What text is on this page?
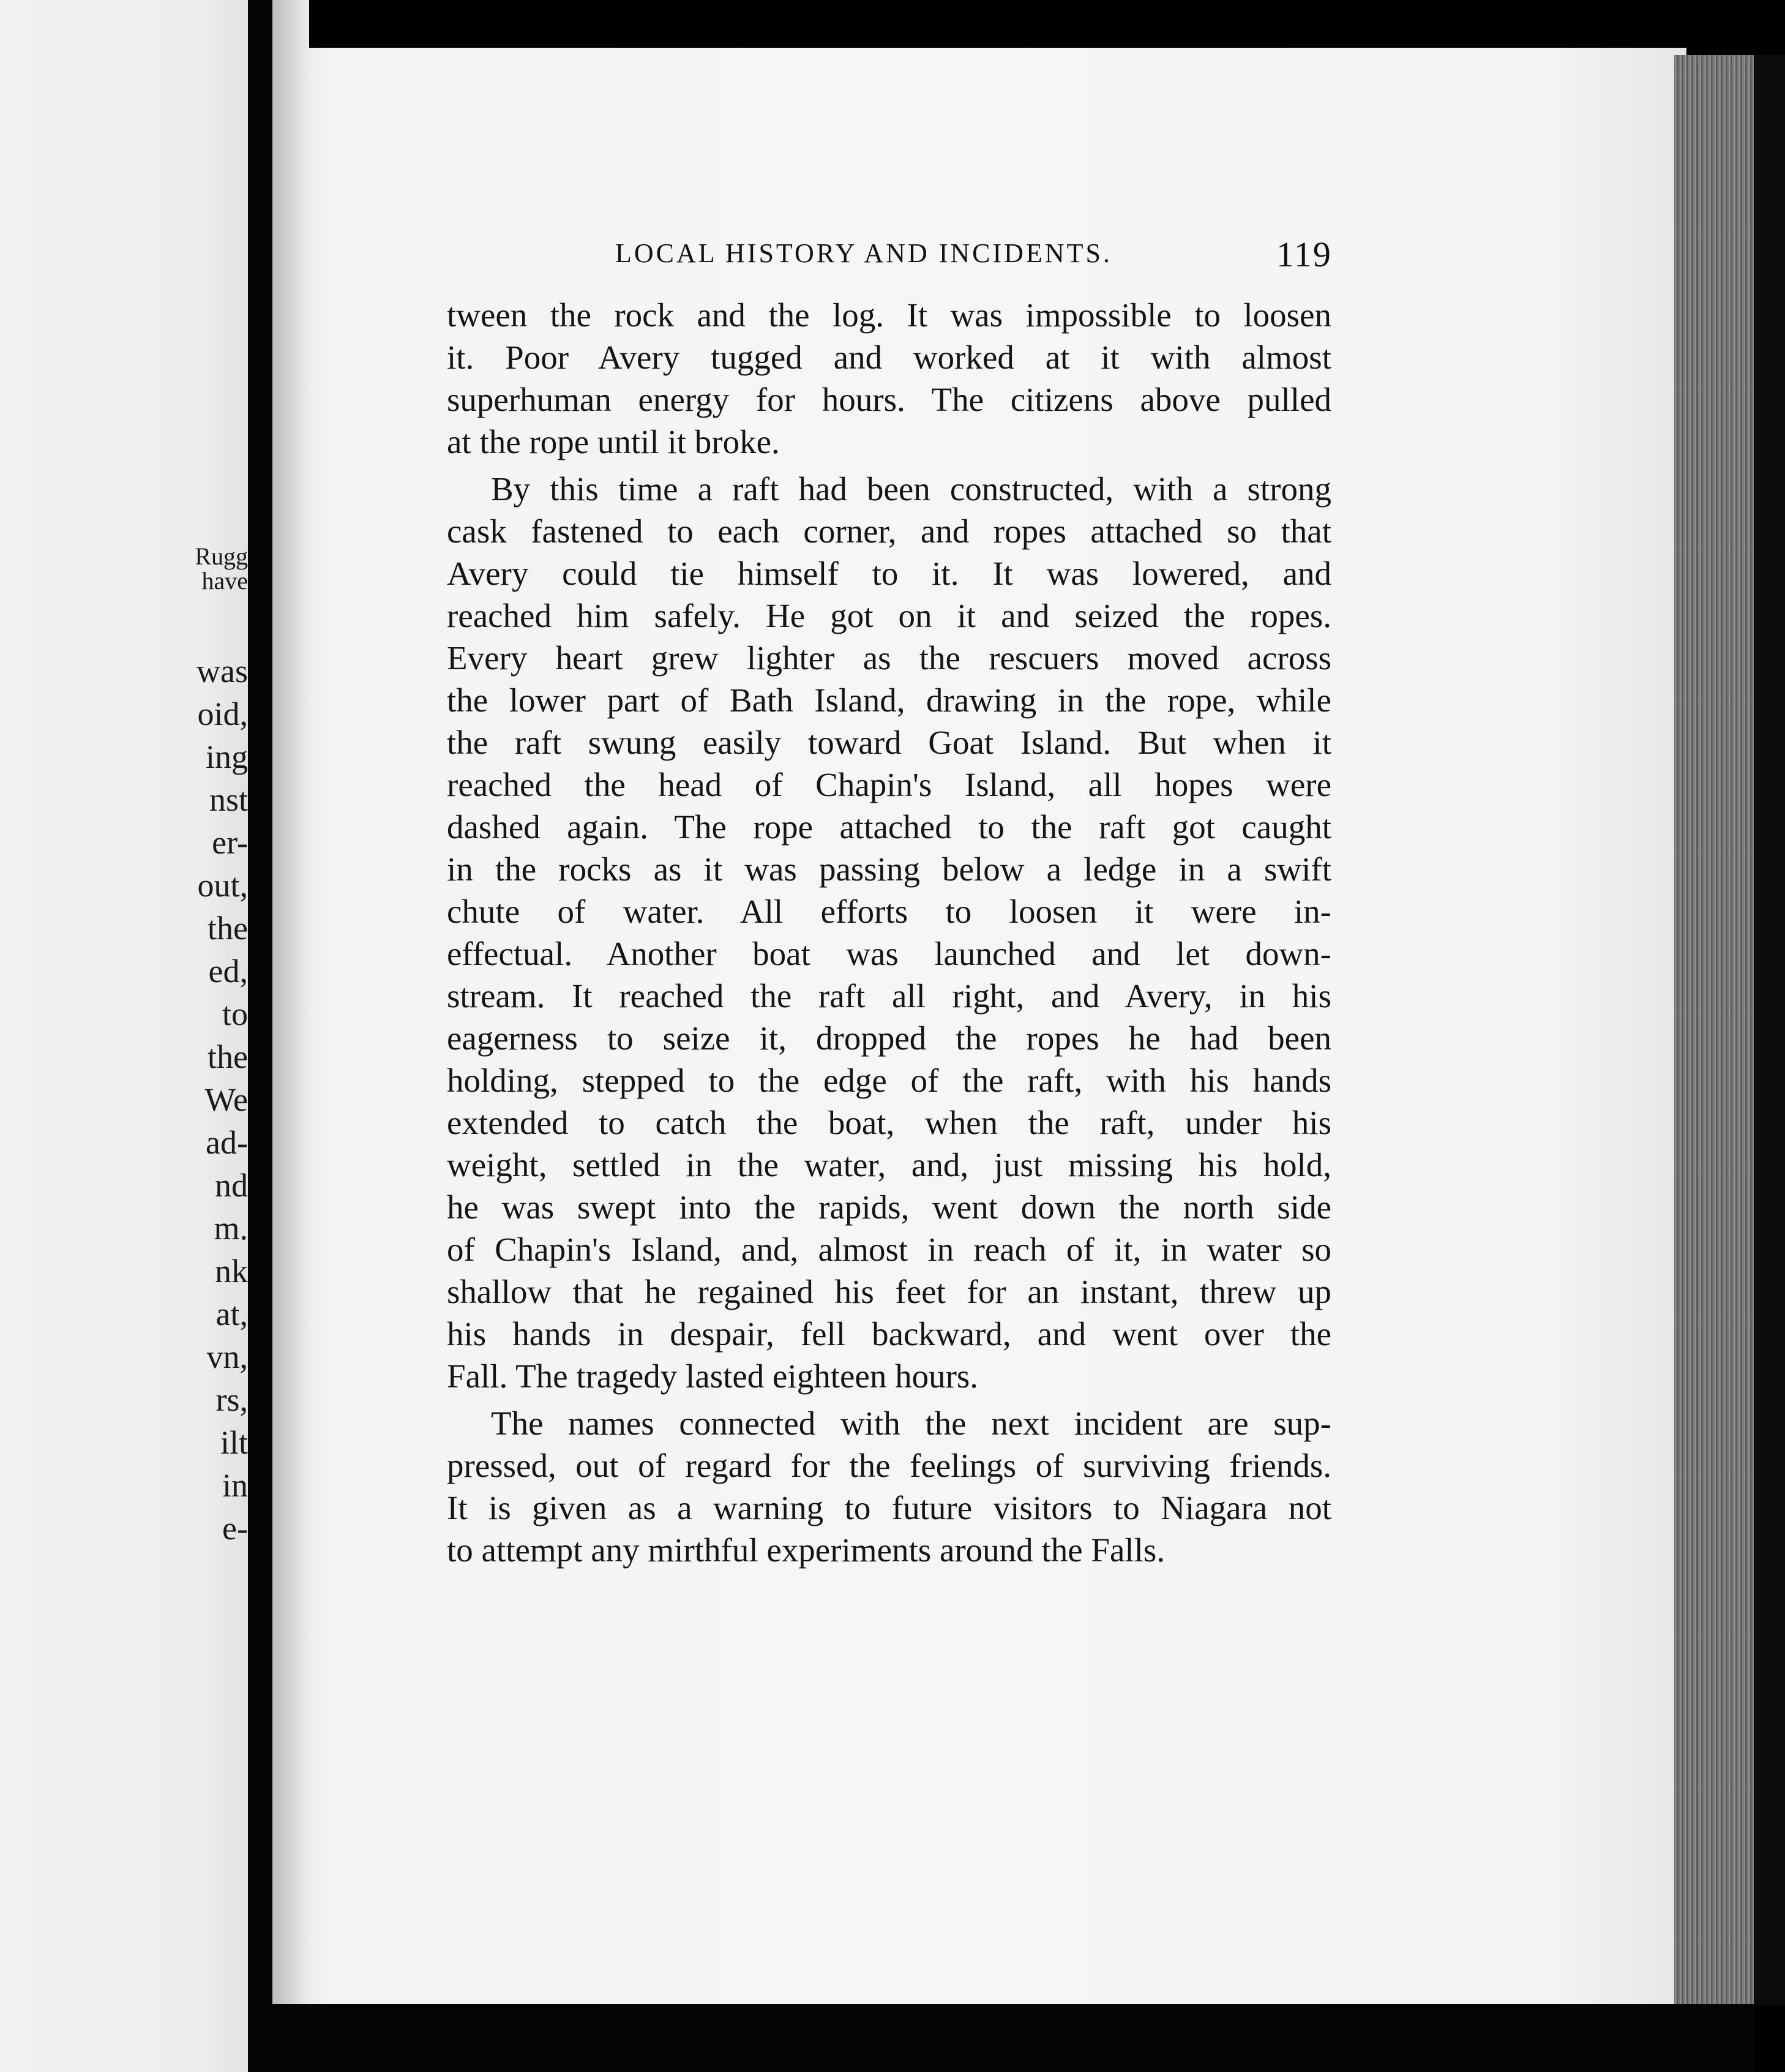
Rugg
have
was
oid,
ing
nst
er-
out,
the
ed,
to
the
We
ad-
nd
m.
nk
at,
vn,
rs,
ilt
in
e-
LOCAL HISTORY AND INCIDENTS.	119
tween the rock and the log. It was impossible to loosen
it. Poor Avery tugged and worked at it with almost
superhuman energy for hours. The citizens above pulled
at the rope until it broke.
By this time a raft had been constructed, with a strong
cask fastened to each corner, and ropes attached so that
Avery could tie himself to it. It was lowered, and
reached him safely. He got on it and seized the ropes.
Every heart grew lighter as the rescuers moved across
the lower part of Bath Island, drawing in the rope, while
the raft swung easily toward Goat Island. But when it
reached the head of Chapin's Island, all hopes were
dashed again. The rope attached to the raft got caught
in the rocks as it was passing below a ledge in a swift
chute of water. All efforts to loosen it were in-
effectual. Another boat was launched and let down-
stream. It reached the raft all right, and Avery, in his
eagerness to seize it, dropped the ropes he had been
holding, stepped to the edge of the raft, with his hands
extended to catch the boat, when the raft, under his
weight, settled in the water, and, just missing his hold,
he was swept into the rapids, went down the north side
of Chapin's Island, and, almost in reach of it, in water so
shallow that he regained his feet for an instant, threw up
his hands in despair, fell backward, and went over the
Fall. The tragedy lasted eighteen hours.
The names connected with the next incident are sup-
pressed, out of regard for the feelings of surviving friends.
It is given as a warning to future visitors to Niagara not
to attempt any mirthful experiments around the Falls.
